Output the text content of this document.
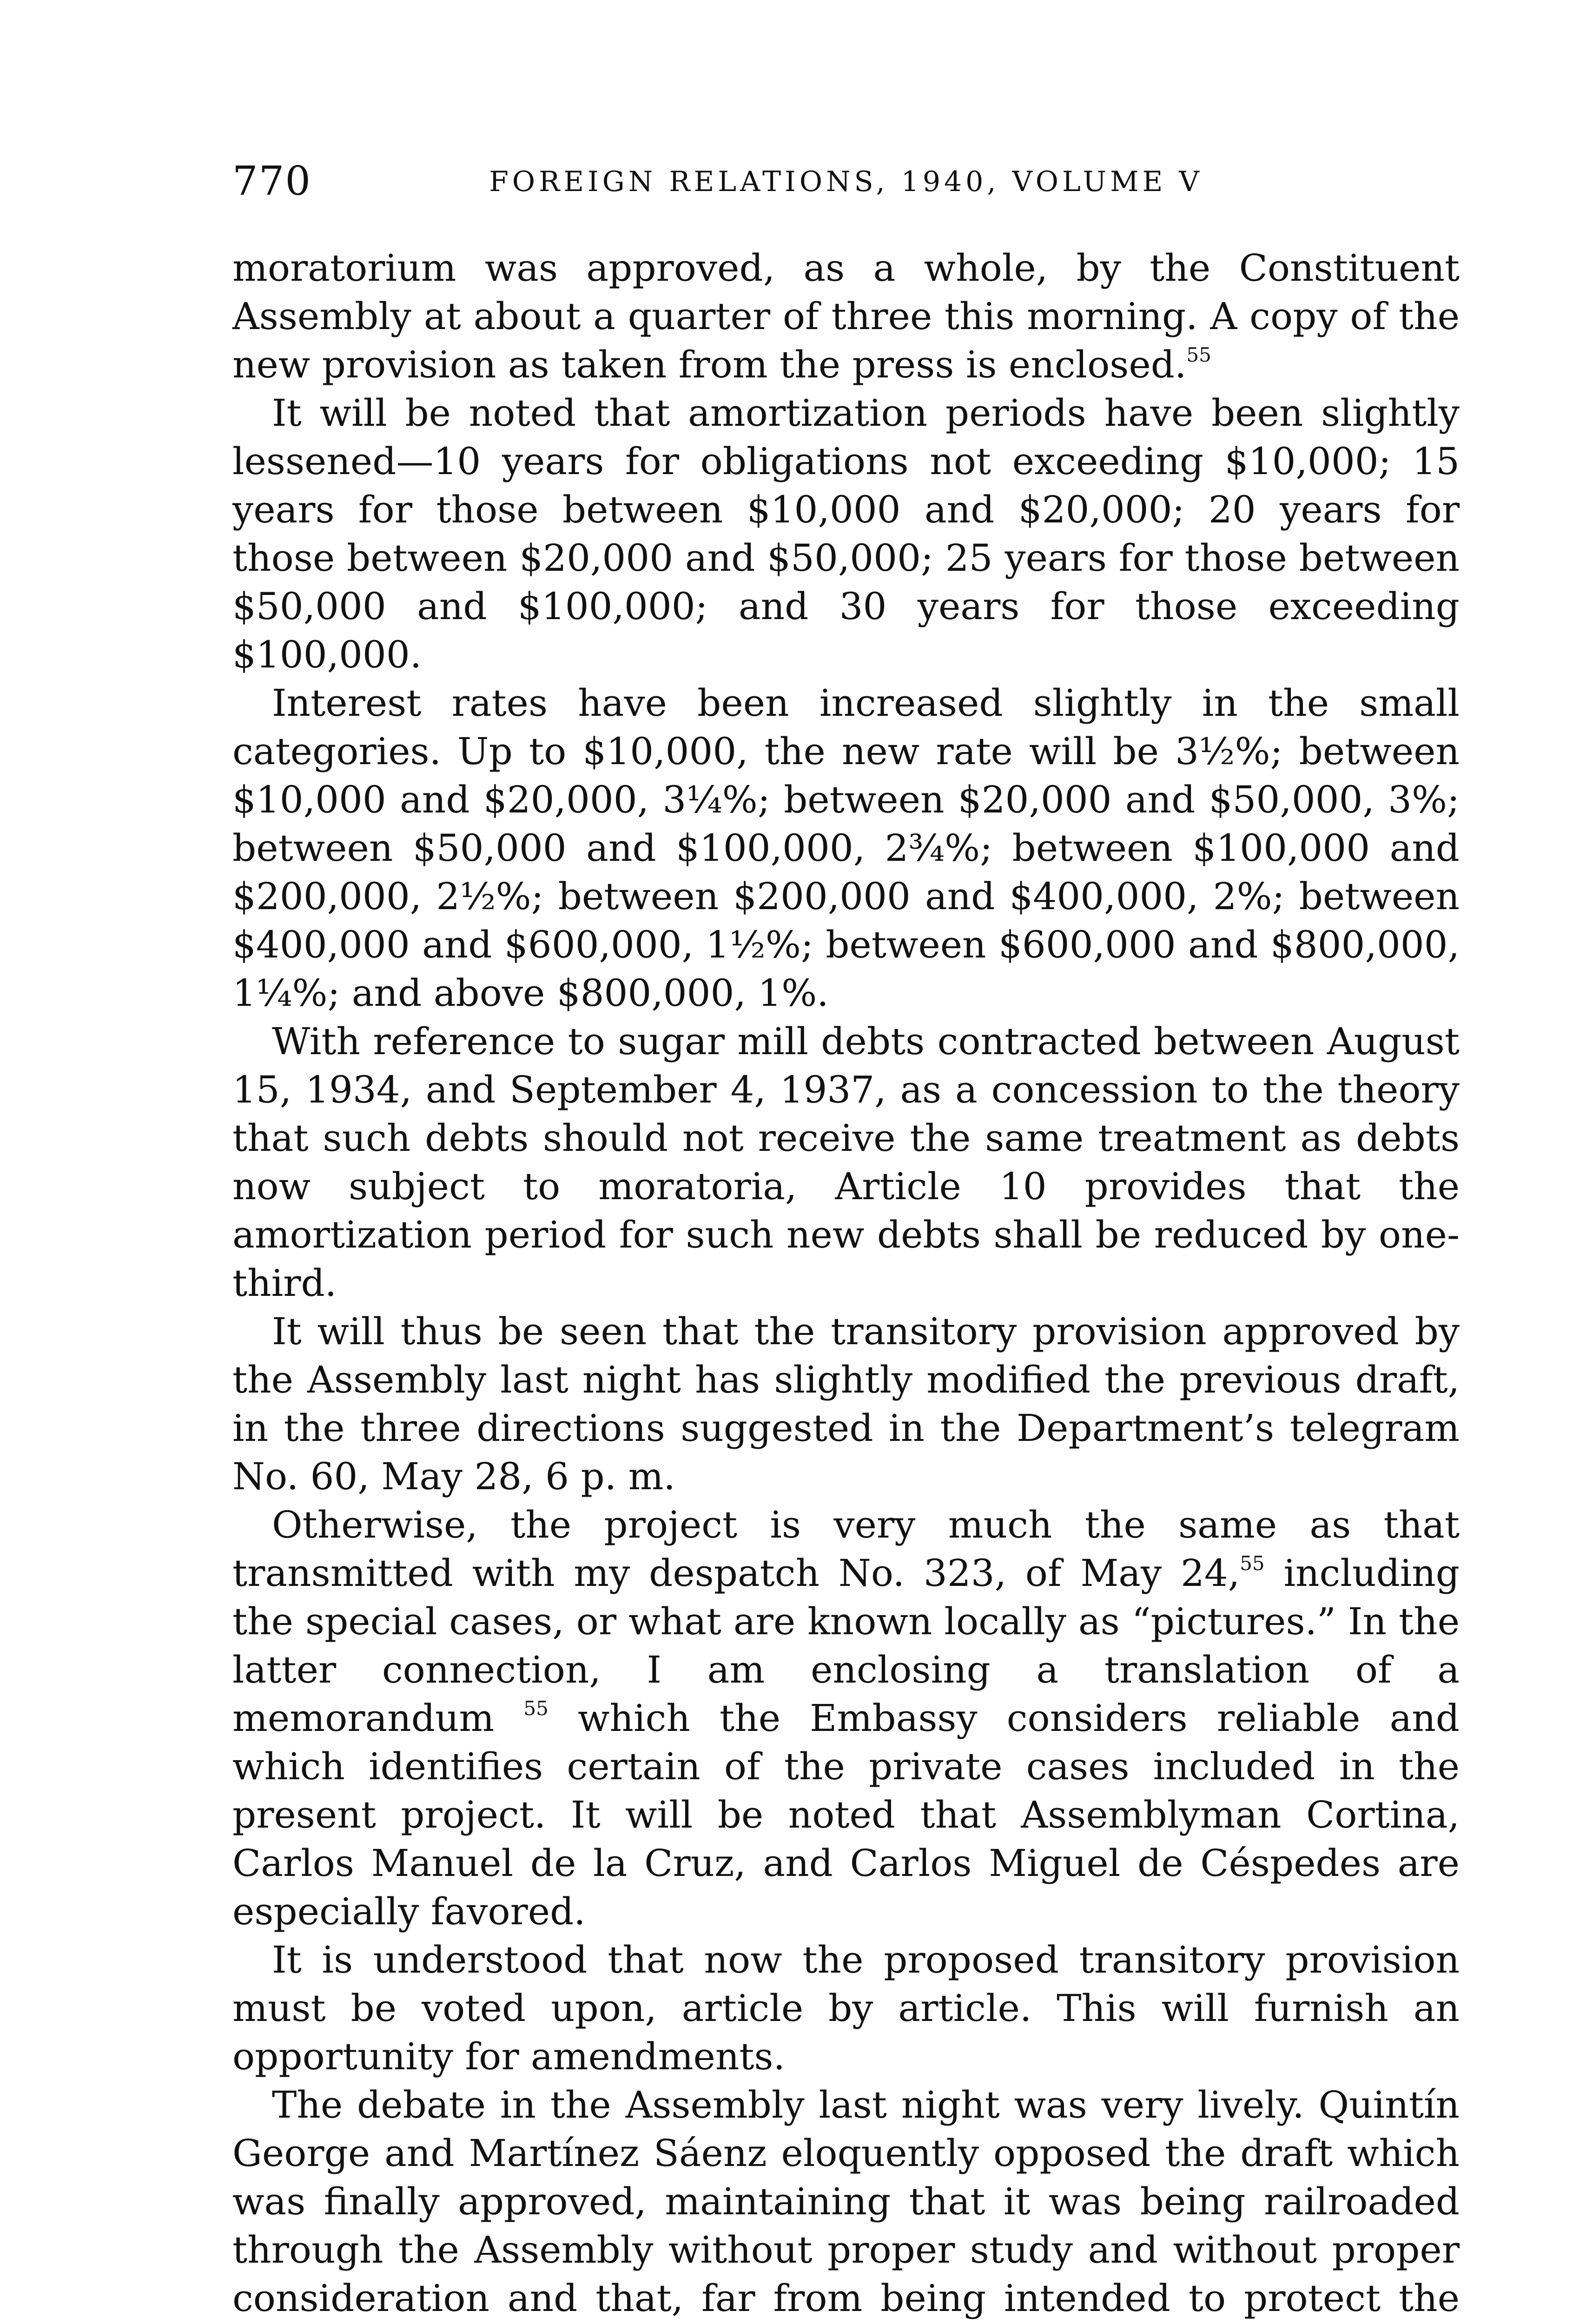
770	FOREIGN RELATIONS, 1940, VOLUME V

moratorium was approved, as a whole, by the Constituent Assembly at about a quarter of three this morning. A copy of the new provision as taken from the press is enclosed.$^{55}$

It will be noted that amortization periods have been slightly lessened—10 years for obligations not exceeding $10,000; 15 years for those between $10,000 and $20,000; 20 years for those between $20,000 and $50,000; 25 years for those between $50,000 and $100,000; and 30 years for those exceeding $100,000.

Interest rates have been increased slightly in the small categories. Up to $10,000, the new rate will be 3½%; between $10,000 and $20,000, 3¼%; between $20,000 and $50,000, 3%; between $50,000 and $100,000, 2¾%; between $100,000 and $200,000, 2½%; between $200,000 and $400,000, 2%; between $400,000 and $600,000, 1½%; between $600,000 and $800,000, 1¼%; and above $800,000, 1%.

With reference to sugar mill debts contracted between August 15, 1934, and September 4, 1937, as a concession to the theory that such debts should not receive the same treatment as debts now subject to moratoria, Article 10 provides that the amortization period for such new debts shall be reduced by one-third.

It will thus be seen that the transitory provision approved by the Assembly last night has slightly modified the previous draft, in the three directions suggested in the Department’s telegram No. 60, May 28, 6 p. m.

Otherwise, the project is very much the same as that transmitted with my despatch No. 323, of May 24,55 including the special cases, or what are known locally as “pictures.” In the latter connection, I am enclosing a translation of a memorandum $^{55}$ which the Embassy considers reliable and which identifies certain of the private cases included in the present project. It will be noted that Assemblyman Cortina, Carlos Manuel de la Cruz, and Carlos Miguel de Céspedes are especially favored.

It is understood that now the proposed transitory provision must be voted upon, article by article. This will furnish an opportunity for amendments.

The debate in the Assembly last night was very lively. Quintín George and Martínez Sáenz eloquently opposed the draft which was finally approved, maintaining that it was being railroaded through the Assembly without proper study and without proper consideration and that, far from being intended to protect the
